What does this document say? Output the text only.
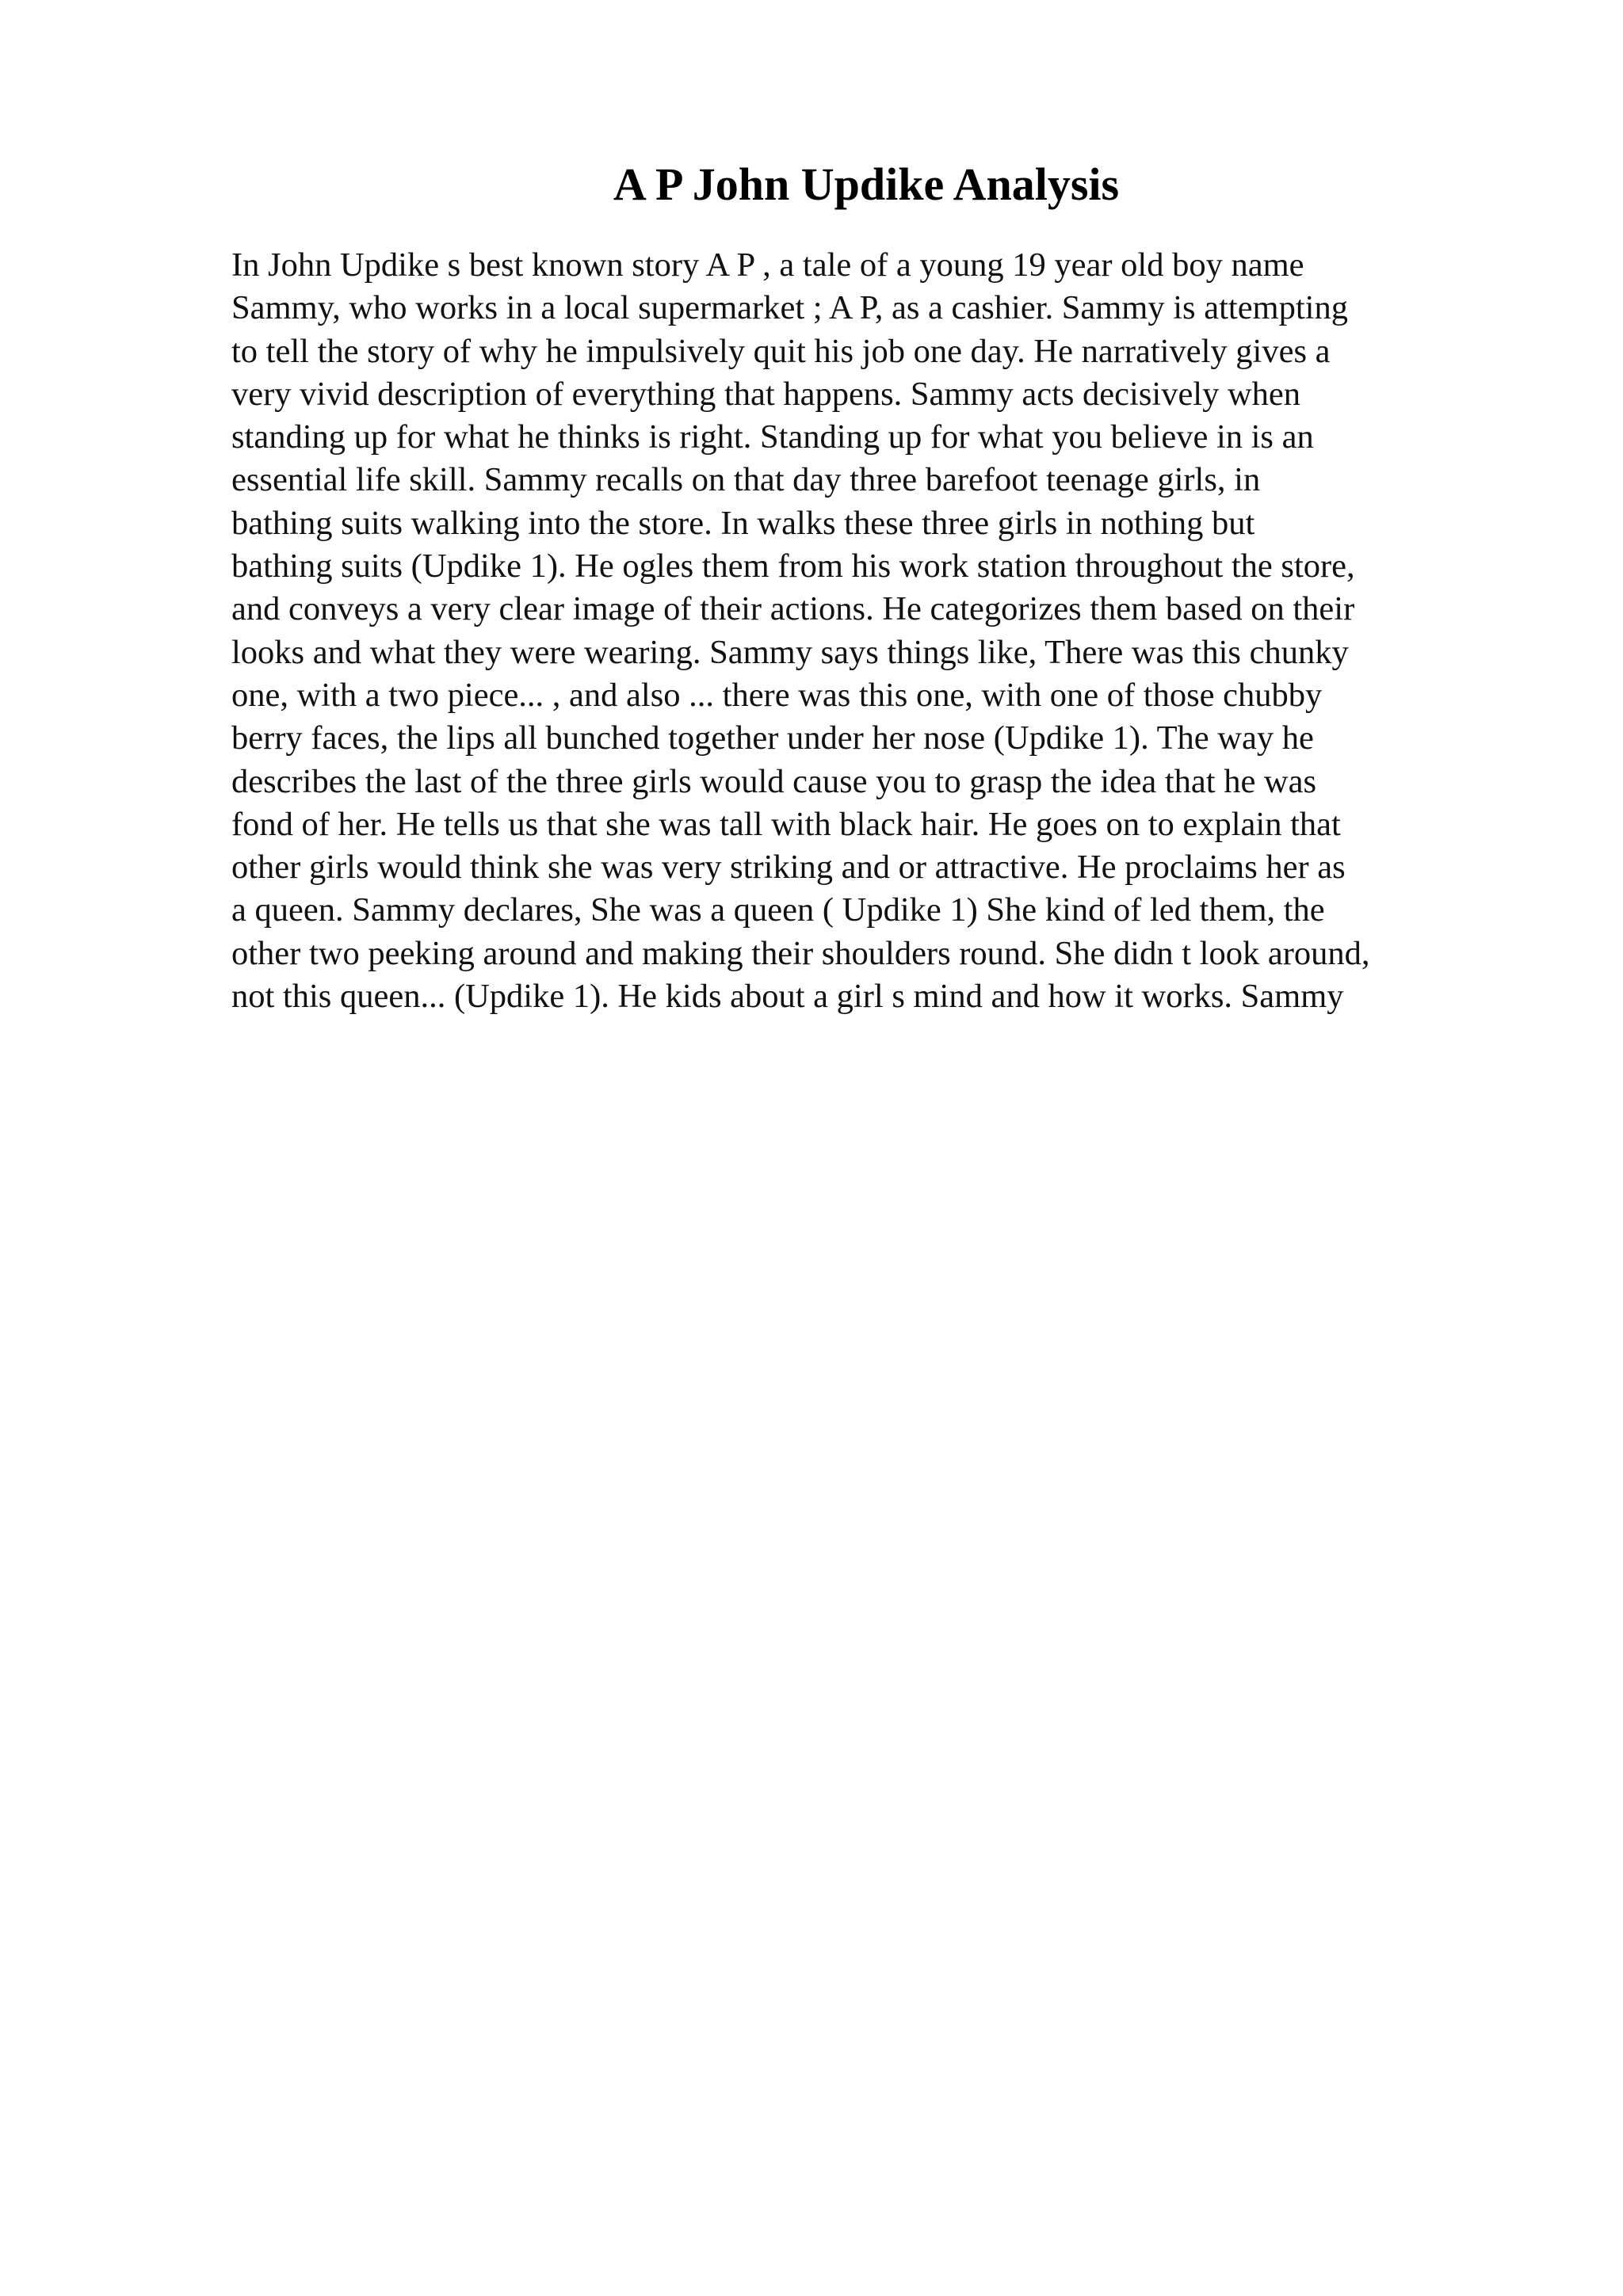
A P John Updike Analysis
In John Updike s best known story A P , a tale of a young 19 year old boy name
Sammy, who works in a local supermarket ; A P, as a cashier. Sammy is attempting
to tell the story of why he impulsively quit his job one day. He narratively gives a
very vivid description of everything that happens. Sammy acts decisively when
standing up for what he thinks is right. Standing up for what you believe in is an
essential life skill. Sammy recalls on that day three barefoot teenage girls, in
bathing suits walking into the store. In walks these three girls in nothing but
bathing suits (Updike 1). He ogles them from his work station throughout the store,
and conveys a very clear image of their actions. He categorizes them based on their
looks and what they were wearing. Sammy says things like, There was this chunky
one, with a two piece... , and also ... there was this one, with one of those chubby
berry faces, the lips all bunched together under her nose (Updike 1). The way he
describes the last of the three girls would cause you to grasp the idea that he was
fond of her. He tells us that she was tall with black hair. He goes on to explain that
other girls would think she was very striking and or attractive. He proclaims her as
a queen. Sammy declares, She was a queen ( Updike 1) She kind of led them, the
other two peeking around and making their shoulders round. She didn t look around,
not this queen... (Updike 1). He kids about a girl s mind and how it works. Sammy
